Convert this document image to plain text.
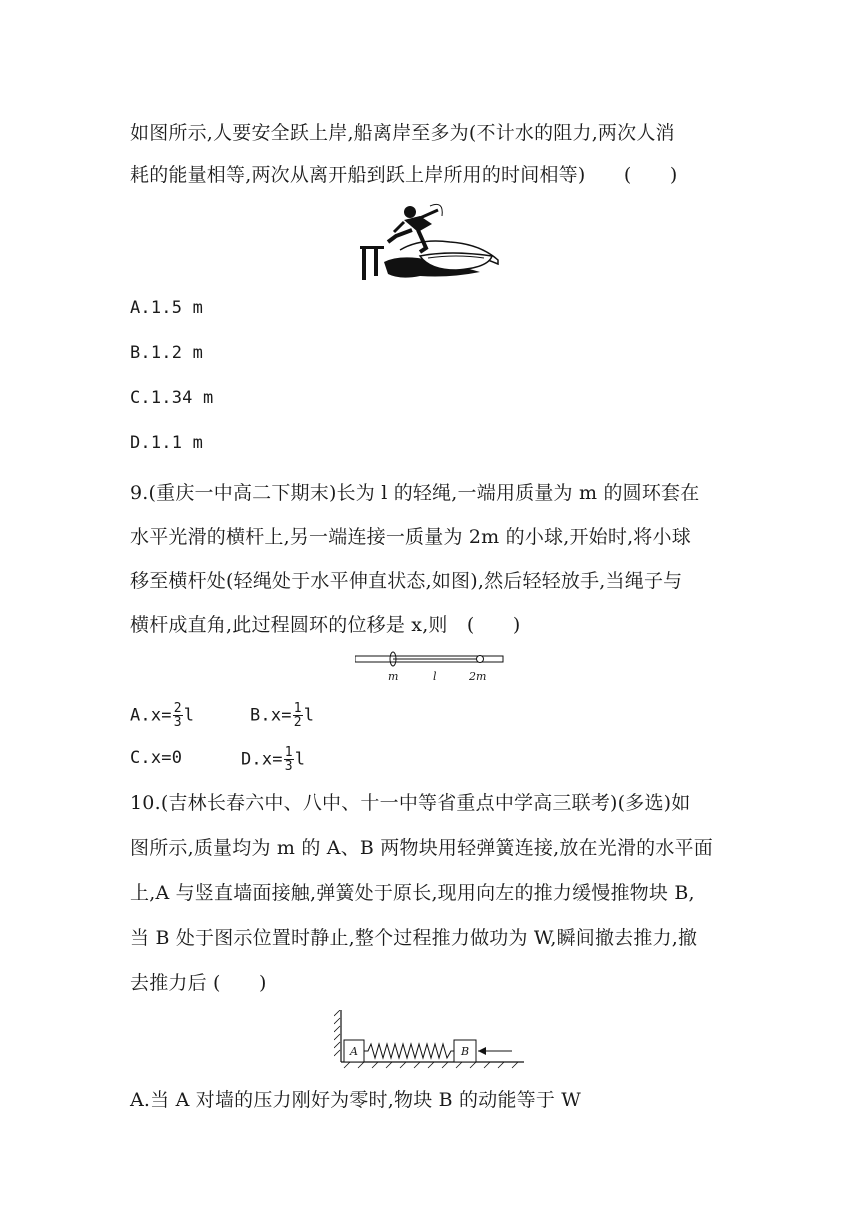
如图所示,人要安全跃上岸,船离岸至多为(不计水的阻力,两次人消
耗的能量相等,两次从离开船到跃上岸所用的时间相等)　　(　　)
A.1.5 m
B.1.2 m
C.1.34 m
D.1.1 m
9.(重庆一中高二下期末)长为 l 的轻绳,一端用质量为 m 的圆环套在
水平光滑的横杆上,另一端连接一质量为 2m 的小球,开始时,将小球
移至横杆处(轻绳处于水平伸直状态,如图),然后轻轻放手,当绳子与
横杆成直角,此过程圆环的位移是 x,则　(　　)
m	l	2m
$A.x= \frac{2}{3}$ l	$B.x= \frac{1}{2}$ l
C.x=0	$D.x= \frac{1}{3}$ l
10.(吉林长春六中、八中、十一中等省重点中学高三联考)(多选)如
图所示,质量均为 m 的 A、B 两物块用轻弹簧连接,放在光滑的水平面
上,A 与竖直墙面接触,弹簧处于原长,现用向左的推力缓慢推物块 B,
当 B 处于图示位置时静止,整个过程推力做功为 W,瞬间撤去推力,撤
去推力后 (　　)
A	B
A.当 A 对墙的压力刚好为零时,物块 B 的动能等于 W
